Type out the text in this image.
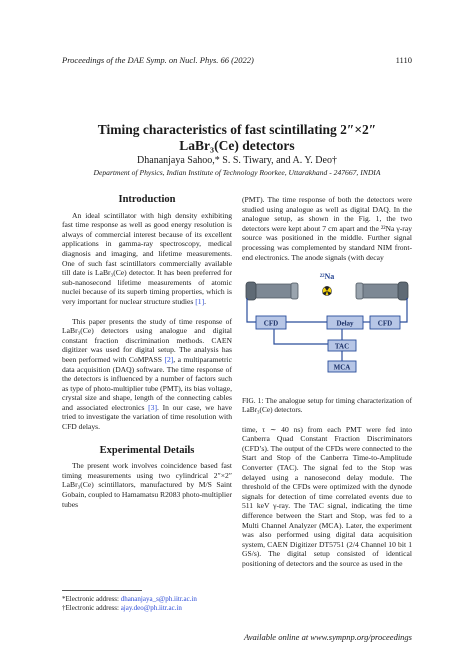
Proceedings of the DAE Symp. on Nucl. Phys. 66 (2022)	1110
Timing characteristics of fast scintillating 2″×2″
LaBr₃(Ce) detectors
Dhananjaya Sahoo,* S. S. Tiwary, and A. Y. Deo†
Department of Physics, Indian Institute of Technology Roorkee, Uttarakhand - 247667, INDIA
Introduction

An ideal scintillator with high density exhibiting fast time response as well as good energy resolution is always of commercial interest because of its excellent applications in gamma-ray spectroscopy, medical diagnosis and imaging, and lifetime measurements. One of such fast scintillators commercially available till date is LaBr₃(Ce) detector. It has been preferred for sub-nanosecond lifetime measurements of atomic nuclei because of its superb timing properties, which is very important for nuclear structure studies [1].

This paper presents the study of time response of LaBr₃(Ce) detectors using analogue and digital constant fraction discrimination methods. CAEN digitizer was used for digital setup. The analysis has been performed with CoMPASS [2], a multiparametric data acquisition (DAQ) software. The time response of the detectors is influenced by a number of factors such as type of photo-multiplier tube (PMT), its bias voltage, crystal size and shape, length of the connecting cables and associated electronics [3]. In our case, we have tried to investigate the variation of time resolution with CFD delays.

Experimental Details

The present work involves coincidence based fast timing measurements using two cylindrical 2″×2″ LaBr₃(Ce) scintillators, manufactured by M/S Saint Gobain, coupled to Hamamatsu R2083 photo-multiplier tubes

(PMT). The time response of both the detectors were studied using analogue as well as digital DAQ. In the analogue setup, as shown in the Fig. 1, the two detectors were kept about 7 cm apart and the ²²Na γ-ray source was positioned in the middle. Further signal processing was complemented by standard NIM front-end electronics. The anode signals (with decay

²²Na
CFD	Delay	CFD
TAC
MCA
FIG. 1: The analogue setup for timing characterization of LaBr₃(Ce) detectors.

time, τ ∼ 40 ns) from each PMT were fed into Canberra Quad Constant Fraction Discriminators (CFD’s). The output of the CFDs were connected to the Start and Stop of the Canberra Time-to-Amplitude Converter (TAC). The signal fed to the Stop was delayed using a nanosecond delay module. The threshold of the CFDs were optimized with the dynode signals for detection of time correlated events due to 511 keV γ-ray. The TAC signal, indicating the time difference between the Start and Stop, was fed to a Multi Channel Analyzer (MCA). Later, the experiment was also performed using digital data acquisition system, CAEN Digitizer DT5751 (2/4 Channel 10 bit 1 GS/s). The digital setup consisted of identical positioning of detectors and the source as used in the

*Electronic address: dhananjaya_s@ph.iitr.ac.in
†Electronic address: ajay.deo@ph.iitr.ac.in
Available online at www.sympnp.org/proceedings
